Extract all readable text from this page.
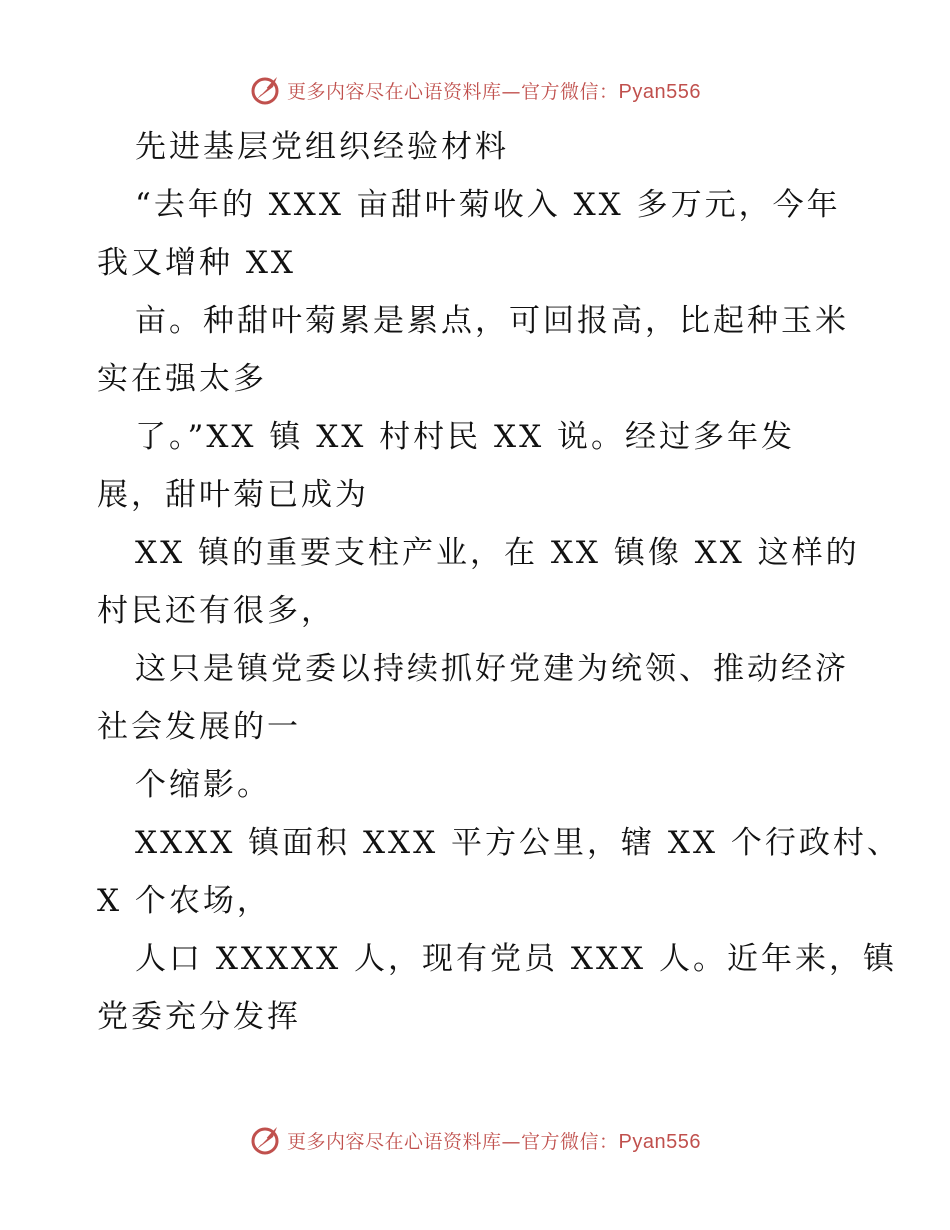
更多内容尽在心语资料库—官方微信：Pyan556
先进基层党组织经验材料
“去年的 XXX 亩甜叶菊收入 XX 多万元，今年
我又增种 XX
亩。种甜叶菊累是累点，可回报高，比起种玉米
实在强太多
了。”XX 镇 XX 村村民 XX 说。经过多年发
展，甜叶菊已成为
XX 镇的重要支柱产业，在 XX 镇像 XX 这样的
村民还有很多，
这只是镇党委以持续抓好党建为统领、推动经济
社会发展的一
个缩影。
XXXX 镇面积 XXX 平方公里，辖 XX 个行政村、
X 个农场，
人口 XXXXX 人，现有党员 XXX 人。近年来，镇
党委充分发挥
更多内容尽在心语资料库—官方微信：Pyan556
